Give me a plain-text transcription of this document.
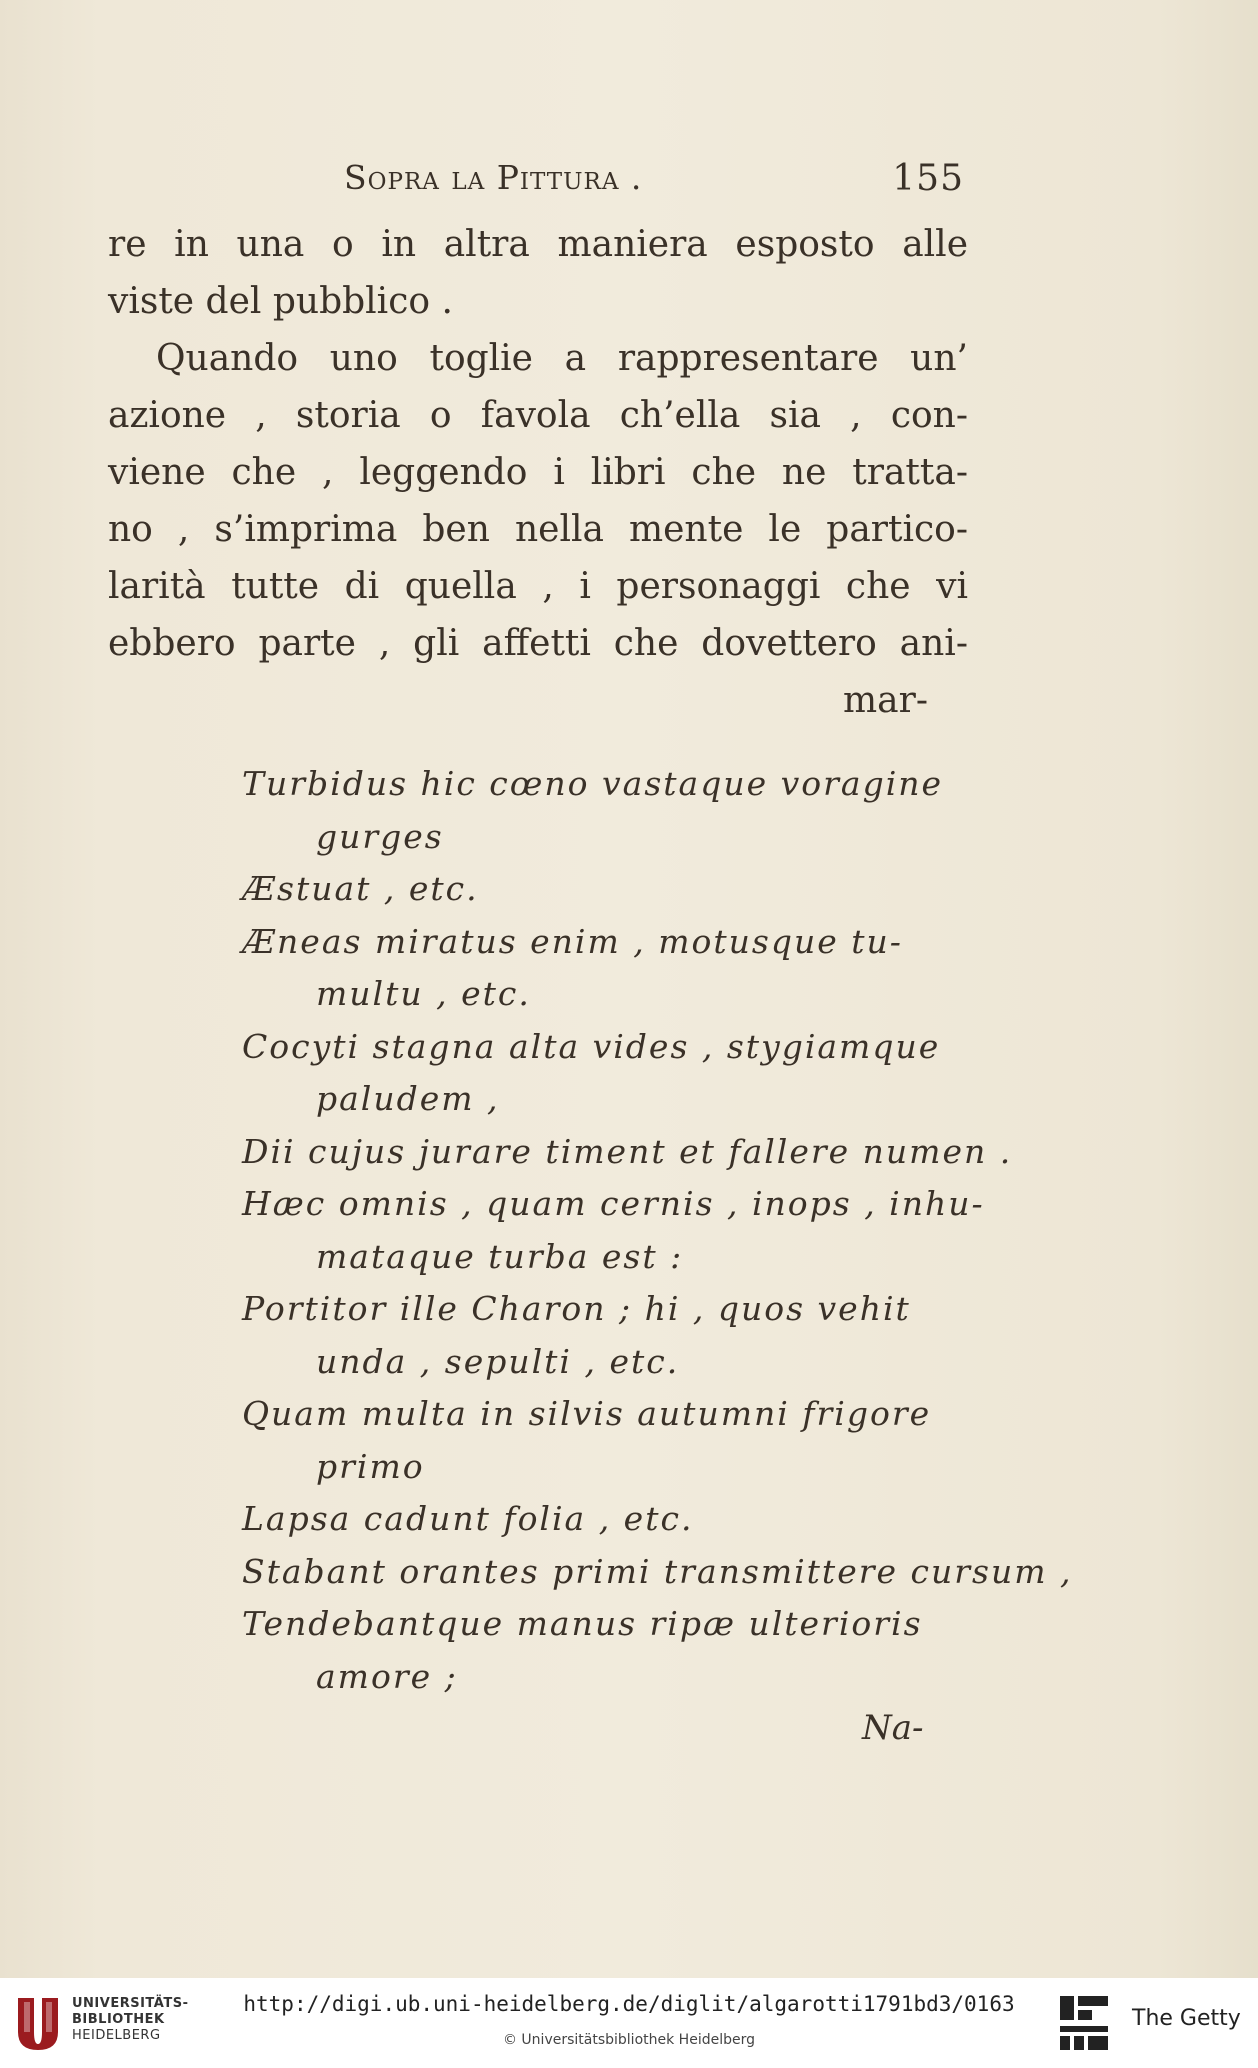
Sopra la Pittura .	155
re in una o in altra maniera esposto alle
viste del pubblico .
Quando uno toglie a rappresentare un’
azione , storia o favola ch’ella sia , con-
viene che , leggendo i libri che ne tratta-
no , s’imprima ben nella mente le partico-
larità tutte di quella , i personaggi che vi
ebbero parte , gli affetti che dovettero ani-
mar-
Turbidus hic cœno vastaque voragine
gurges
Æstuat , etc.
Æneas miratus enim , motusque tu-
multu , etc.
Cocyti stagna alta vides , stygiamque
paludem ,
Dii cujus jurare timent et fallere numen .
Hæc omnis , quam cernis , inops , inhu-
mataque turba est :
Portitor ille Charon ; hi , quos vehit
unda , sepulti , etc.
Quam multa in silvis autumni frigore
primo
Lapsa cadunt folia , etc.
Stabant orantes primi transmittere cursum ,
Tendebantque manus ripæ ulterioris
amore ;
Na-
UNIVERSITÄTS-
BIBLIOTHEK
HEIDELBERG
http://digi.ub.uni-heidelberg.de/diglit/algarotti1791bd3/0163
© Universitätsbibliothek Heidelberg
The Getty
